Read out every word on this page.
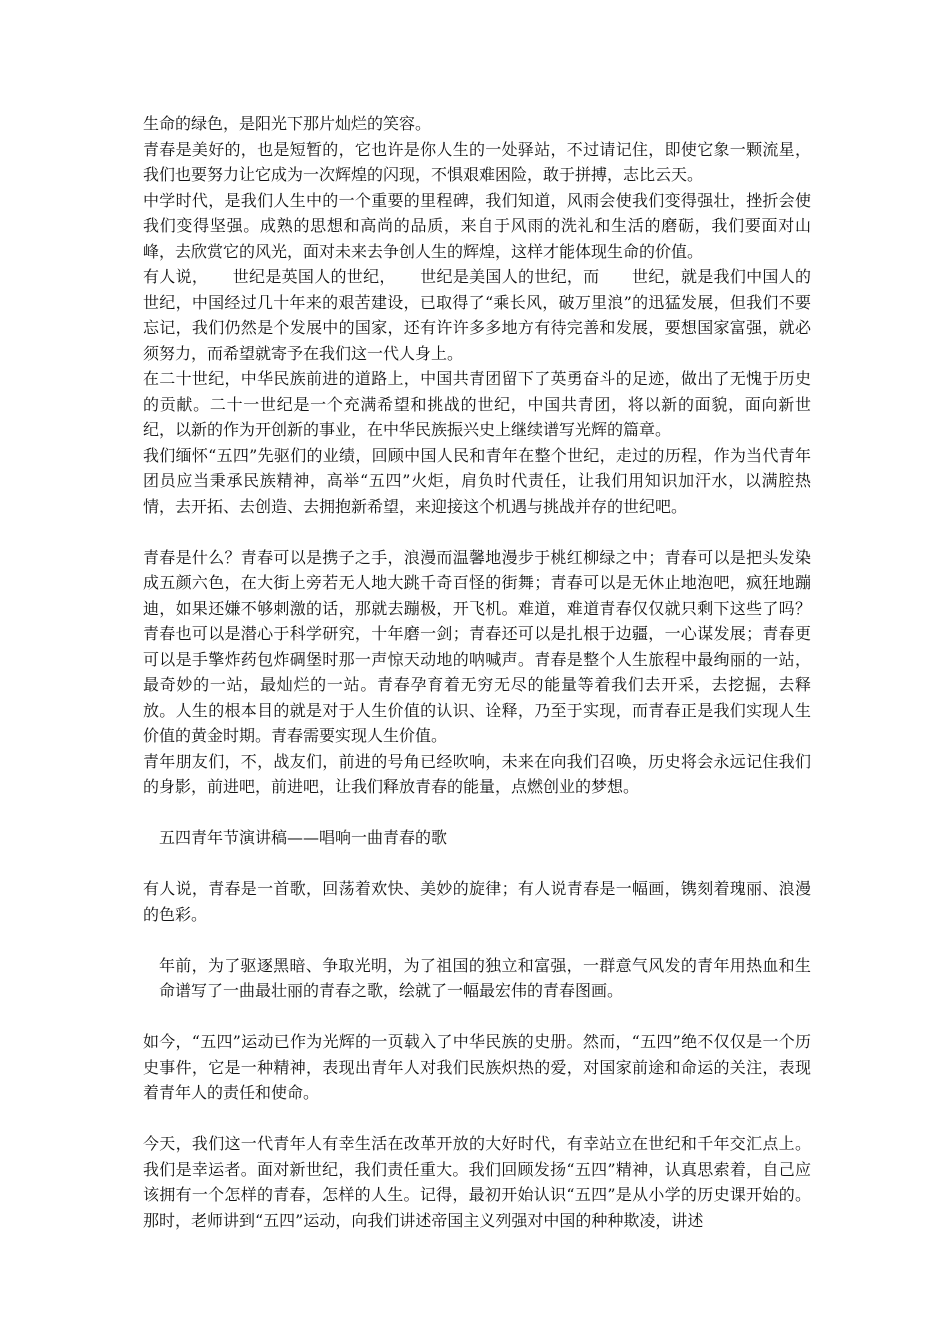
生命的绿色，是阳光下那片灿烂的笑容。

青春是美好的，也是短暂的，它也许是你人生的一处驿站，不过请记住，即使它象一颗流星，我们也要努力让它成为一次辉煌的闪现，不惧艰难困险，敢于拼搏，志比云天。

中学时代，是我们人生中的一个重要的里程碑，我们知道，风雨会使我们变得强壮，挫折会使我们变得坚强。成熟的思想和高尚的品质，来自于风雨的洗礼和生活的磨砺，我们要面对山峰，去欣赏它的风光，面对未来去争创人生的辉煌，这样才能体现生命的价值。

有人说，　　世纪是英国人的世纪，　　世纪是美国人的世纪，而　　世纪，就是我们中国人的世纪，中国经过几十年来的艰苦建设，已取得了“乘长风，破万里浪”的迅猛发展，但我们不要忘记，我们仍然是个发展中的国家，还有许许多多地方有待完善和发展，要想国家富强，就必须努力，而希望就寄予在我们这一代人身上。

在二十世纪，中华民族前进的道路上，中国共青团留下了英勇奋斗的足迹，做出了无愧于历史的贡献。二十一世纪是一个充满希望和挑战的世纪，中国共青团，将以新的面貌，面向新世纪，以新的作为开创新的事业，在中华民族振兴史上继续谱写光辉的篇章。

我们缅怀“五四”先驱们的业绩，回顾中国人民和青年在整个世纪，走过的历程，作为当代青年团员应当秉承民族精神，高举“五四”火炬，肩负时代责任，让我们用知识加汗水，以满腔热情，去开拓、去创造、去拥抱新希望，来迎接这个机遇与挑战并存的世纪吧。

青春是什么？青春可以是携子之手，浪漫而温馨地漫步于桃红柳绿之中；青春可以是把头发染成五颜六色，在大街上旁若无人地大跳千奇百怪的街舞；青春可以是无休止地泡吧，疯狂地蹦迪，如果还嫌不够刺激的话，那就去蹦极，开飞机。难道，难道青春仅仅就只剩下这些了吗？青春也可以是潜心于科学研究，十年磨一剑；青春还可以是扎根于边疆，一心谋发展；青春更可以是手擎炸药包炸碉堡时那一声惊天动地的呐喊声。青春是整个人生旅程中最绚丽的一站，最奇妙的一站，最灿烂的一站。青春孕育着无穷无尽的能量等着我们去开采，去挖掘，去释放。人生的根本目的就是对于人生价值的认识、诠释，乃至于实现，而青春正是我们实现人生价值的黄金时期。青春需要实现人生价值。

青年朋友们，不，战友们，前进的号角已经吹响，未来在向我们召唤，历史将会永远记住我们的身影，前进吧，前进吧，让我们释放青春的能量，点燃创业的梦想。

五四青年节演讲稿——唱响一曲青春的歌

有人说，青春是一首歌，回荡着欢快、美妙的旋律；有人说青春是一幅画，镌刻着瑰丽、浪漫的色彩。

年前，为了驱逐黑暗、争取光明，为了祖国的独立和富强，一群意气风发的青年用热血和生命谱写了一曲最壮丽的青春之歌，绘就了一幅最宏伟的青春图画。

如今，“五四”运动已作为光辉的一页载入了中华民族的史册。然而，“五四”绝不仅仅是一个历史事件，它是一种精神，表现出青年人对我们民族炽热的爱，对国家前途和命运的关注，表现着青年人的责任和使命。

今天，我们这一代青年人有幸生活在改革开放的大好时代，有幸站立在世纪和千年交汇点上。我们是幸运者。面对新世纪，我们责任重大。我们回顾发扬“五四”精神，认真思索着，自己应该拥有一个怎样的青春，怎样的人生。记得，最初开始认识“五四”是从小学的历史课开始的。那时，老师讲到“五四”运动，向我们讲述帝国主义列强对中国的种种欺凌，讲述
